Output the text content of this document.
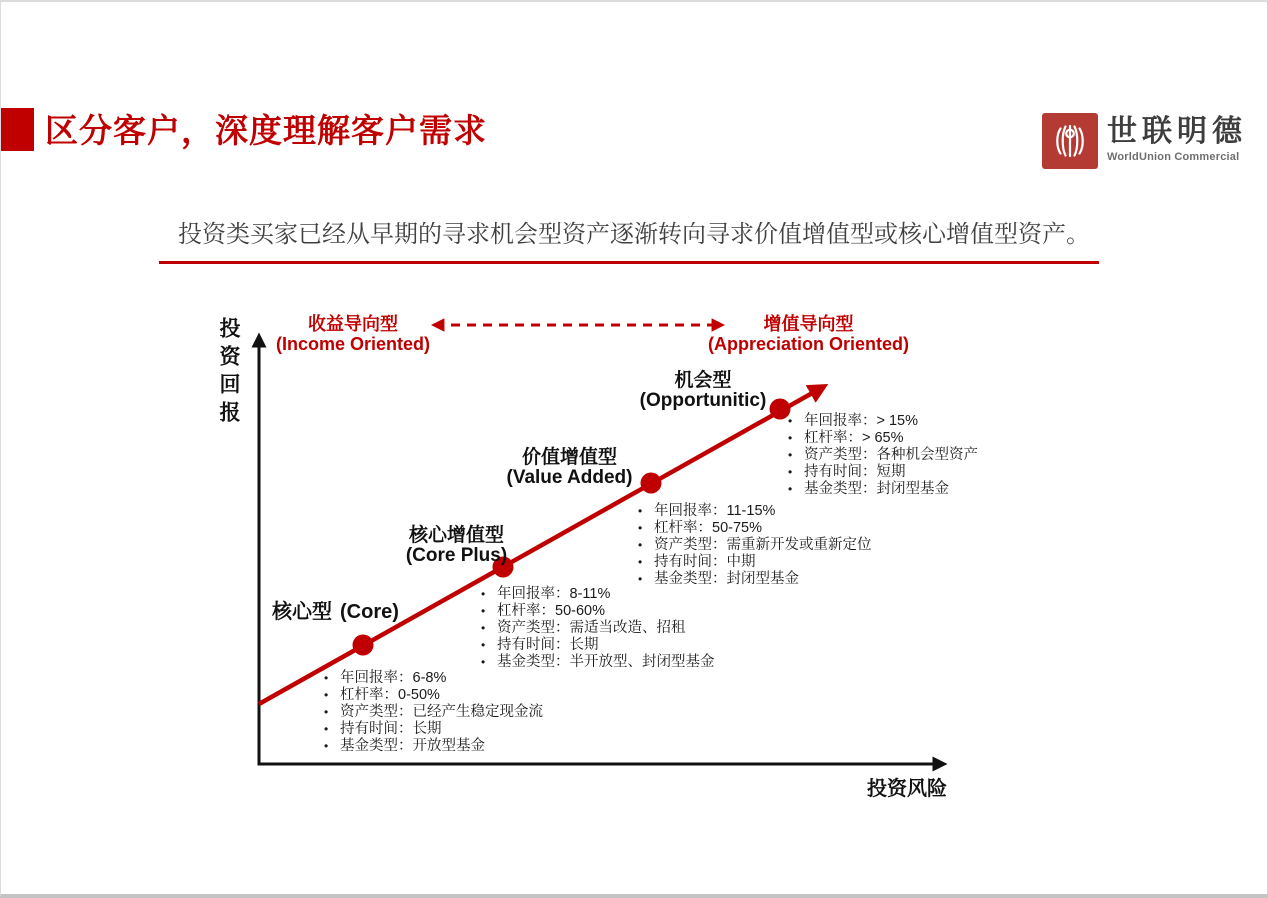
区分客户，深度理解客户需求	世联明德
WorldUnion Commercial

投资类买家已经从早期的寻求机会型资产逐渐转向寻求价值增值型或核心增值型资产。

投资回报
投资风险
收益导向型
(Income Oriented)
增值导向型
(Appreciation Oriented)
核心型 (Core)
核心增值型
(Core Plus)
价值增值型
(Value Added)
机会型
(Opportunitic)
• 年回报率：6-8%
• 杠杆率：0-50%
• 资产类型：已经产生稳定现金流
• 持有时间：长期
• 基金类型：开放型基金
• 年回报率：8-11%
• 杠杆率：50-60%
• 资产类型：需适当改造、招租
• 持有时间：长期
• 基金类型：半开放型、封闭型基金
• 年回报率：11-15%
• 杠杆率：50-75%
• 资产类型：需重新开发或重新定位
• 持有时间：中期
• 基金类型：封闭型基金
• 年回报率：> 15%
• 杠杆率：> 65%
• 资产类型：各种机会型资产
• 持有时间：短期
• 基金类型：封闭型基金
